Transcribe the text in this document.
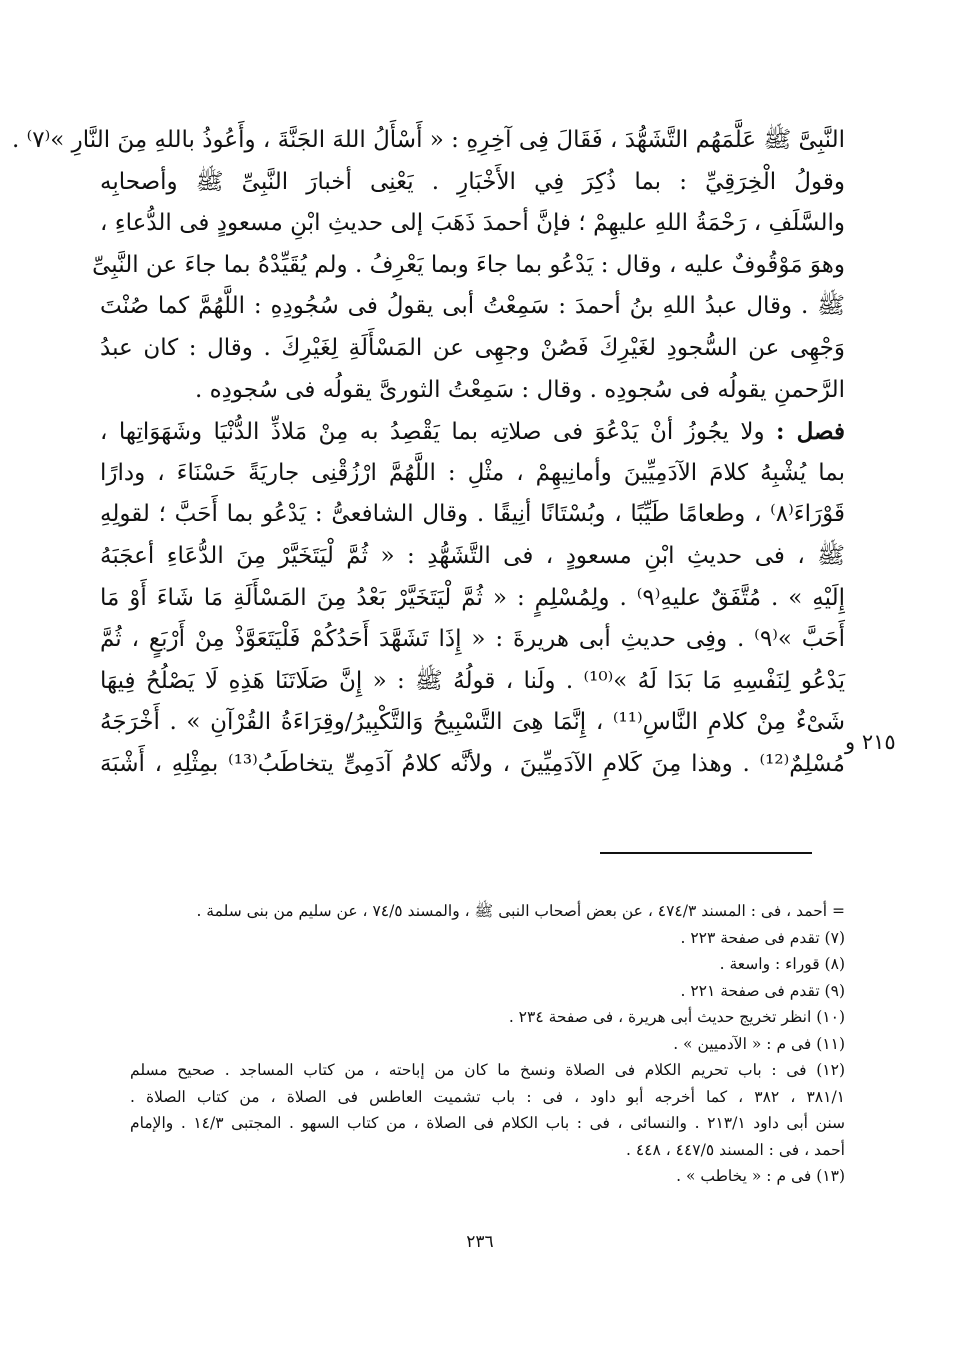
النَّبِىَّ ﷺ عَلَّمَهُم التَّشَهُّدَ ، فَقَالَ فِى آخِرِهِ : « أَسْأَلُ اللهَ الجَنَّةَ ، وأَعُوذُ باللهِ مِنَ النَّارِ »⁽٧⁾ .
وقولُ الْخِرَقِيِّ : بما ذُكِرَ فِي الأَخْبَارِ . يَعْنِى أخبارَ النَّبِىِّ ﷺ وأصحابِه
والسَّلَفِ ، رَحْمَةُ اللهِ عليهِمْ ؛ فإنَّ أحمدَ ذَهَبَ إلى حديثِ ابْنِ مسعودٍ فى الدُّعاءِ ،
وهوَ مَوْقُوفٌ عليه ، وقال : يَدْعُو بما جاءَ وبما يَعْرِفُ . ولم يُقَيِّدْهُ بما جاءَ عن النَّبِىِّ
ﷺ . وقال عبدُ اللهِ بنُ أحمدَ : سَمِعْتُ أبى يقولُ فى سُجُودِهِ : اللَّهُمَّ كما صُنْتَ
وَجْهِى عن السُّجودِ لغَيْرِكَ فَصُنْ وجهِى عن المَسْأَلَةِ لِغَيْرِكَ . وقال : كان عبدُ
الرَّحمنِ يقولُه فى سُجودِه . وقال : سَمِعْتُ الثورىَّ يقولُه فى سُجودِه .
فصل : ولا يجُوزُ أنْ يَدْعُوَ فى صلاتِه بما يَقْصِدُ به مِنْ مَلاذِّ الدُّنْيَا وشَهَوَاتِها ،
بما يُشْبِهُ كلامَ الآدَمِيِّينَ وأمانِيهِمْ ، مثْلِ : اللَّهُمَّ ارْزُقْنِى جاريَةً حَسْنَاءَ ، ودارًا
قَوْرَاءَ⁽٨⁾ ، وطعامًا طَيِّبًا ، وبُسْتَانًا أنِيقًا . وقال الشافعىُّ : يَدْعُو بما أَحَبَّ ؛ لقولِهِ
ﷺ ، فى حديثِ ابْنِ مسعودٍ ، فى التَّشَهُّدِ : « ثُمَّ لْيَتَخَيَّرْ مِنَ الدُّعَاءِ أعجَبَهُ
إِلَيْهِ » . مُتَّفَقٌ عليهِ⁽٩⁾ . ولِمُسْلِمٍ : « ثُمَّ لْيَتَخَيَّرْ بَعْدُ مِنَ المَسْأَلَةِ مَا شَاءَ أَوْ مَا
أَحَبَّ »⁽٩⁾ . وفِى حديثِ أبى هريرةَ : « إِذَا تَشَهَّدَ أَحَدُكُمْ فَلْيَتَعَوَّذْ مِنْ أَرْبَعٍ ، ثُمَّ
يَدْعُو لِنَفْسِهِ مَا بَدَا لَهُ »⁽¹⁰⁾ . ولَنا ، قولُهُ ﷺ : « إِنَّ صَلَاتَنَا هَذِهِ لَا يَصْلُحُ فِيهَا
شَىْءٌ مِنْ كلامِ النَّاسِ⁽¹¹⁾ ، إِنَّمَا هِىَ التَّسْبِيحُ وَالتَّكْبِيرُ/وقِرَاءَةُ القُرْآنِ » . أَخْرَجَهُ
مُسْلِمٌ⁽¹²⁾ . وهذا مِنَ كَلامِ الآدَمِيِّينَ ، ولأنَّه كلامُ آدَمِىٍّ يتخاطَبُ⁽¹³⁾ بمِثْلِهِ ، أَشْبَهَ
٢١٥ و
= أحمد ، فى : المسند ٤٧٤/٣ ، عن بعض أصحاب النبى ﷺ ، والمسند ٧٤/٥ ، عن سليم من بنى سلمة .
(٧) تقدم فى صفحة ٢٢٣ .
(٨) قوراء : واسعة .
(٩) تقدم فى صفحة ٢٢١ .
(١٠) انظر تخريج حديث أبى هريرة ، فى صفحة ٢٣٤ .
(١١) فى م : « الآدميين » .
(١٢) فى : باب تحريم الكلام فى الصلاة ونسخ ما كان من إباحته ، من كتاب المساجد . صحيح مسلم
٣٨١/١ ، ٣٨٢ ، كما أخرجه أبو داود ، فى : باب تشميت العاطس فى الصلاة ، من كتاب الصلاة .
سنن أبى داود ٢١٣/١ . والنسائى ، فى : باب الكلام فى الصلاة ، من كتاب السهو . المجتبى ١٤/٣ . والإمام
أحمد ، فى : المسند ٤٤٧/٥ ، ٤٤٨ .
(١٣) فى م : « يخاطب » .
٢٣٦
